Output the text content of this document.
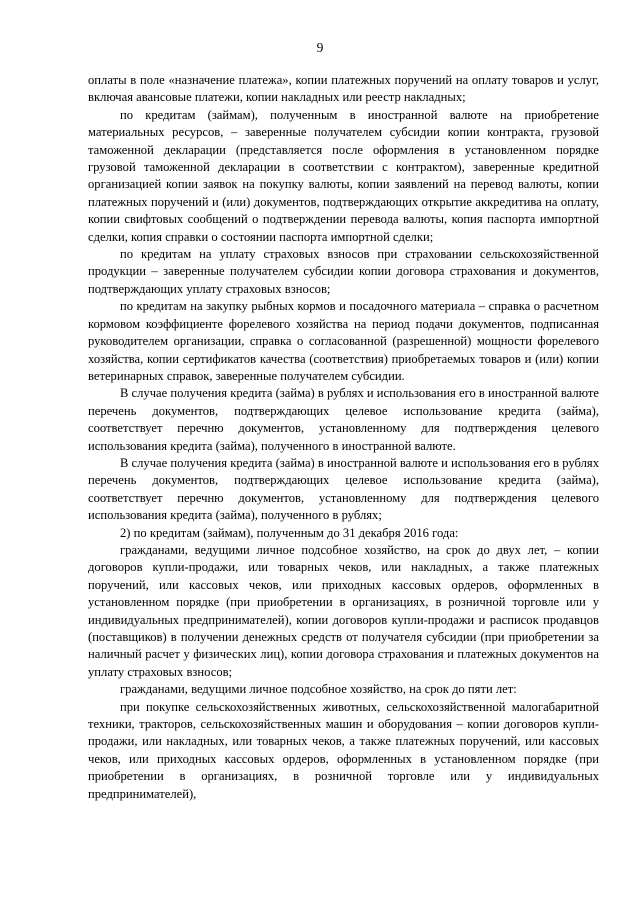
9

оплаты в поле «назначение платежа», копии платежных поручений на оплату товаров и услуг, включая авансовые платежи, копии накладных или реестр накладных;

по кредитам (займам), полученным в иностранной валюте на приобретение материальных ресурсов, – заверенные получателем субсидии копии контракта, грузовой таможенной декларации (представляется после оформления в установленном порядке грузовой таможенной декларации в соответствии с контрактом), заверенные кредитной организацией копии заявок на покупку валюты, копии заявлений на перевод валюты, копии платежных поручений и (или) документов, подтверждающих открытие аккредитива на оплату, копии свифтовых сообщений о подтверждении перевода валюты, копия паспорта импортной сделки, копия справки о состоянии паспорта импортной сделки;

по кредитам на уплату страховых взносов при страховании сельскохозяйственной продукции – заверенные получателем субсидии копии договора страхования и документов, подтверждающих уплату страховых взносов;

по кредитам на закупку рыбных кормов и посадочного материала – справка о расчетном кормовом коэффициенте форелевого хозяйства на период подачи документов, подписанная руководителем организации, справка о согласованной (разрешенной) мощности форелевого хозяйства, копии сертификатов качества (соответствия) приобретаемых товаров и (или) копии ветеринарных справок, заверенные получателем субсидии.

В случае получения кредита (займа) в рублях и использования его в иностранной валюте перечень документов, подтверждающих целевое использование кредита (займа), соответствует перечню документов, установленному для подтверждения целевого использования кредита (займа), полученного в иностранной валюте.

В случае получения кредита (займа) в иностранной валюте и использования его в рублях перечень документов, подтверждающих целевое использование кредита (займа), соответствует перечню документов, установленному для подтверждения целевого использования кредита (займа), полученного в рублях;

2) по кредитам (займам), полученным до 31 декабря 2016 года:

гражданами, ведущими личное подсобное хозяйство, на срок до двух лет, – копии договоров купли-продажи, или товарных чеков, или накладных, а также платежных поручений, или кассовых чеков, или приходных кассовых ордеров, оформленных в установленном порядке (при приобретении в организациях, в розничной торговле или у индивидуальных предпринимателей), копии договоров купли-продажи и расписок продавцов (поставщиков) в получении денежных средств от получателя субсидии (при приобретении за наличный расчет у физических лиц), копии договора страхования и платежных документов на уплату страховых взносов;

гражданами, ведущими личное подсобное хозяйство, на срок до пяти лет:

при покупке сельскохозяйственных животных, сельскохозяйственной малогабаритной техники, тракторов, сельскохозяйственных машин и оборудования – копии договоров купли-продажи, или накладных, или товарных чеков, а также платежных поручений, или кассовых чеков, или приходных кассовых ордеров, оформленных в установленном порядке (при приобретении в организациях, в розничной торговле или у индивидуальных предпринимателей),
